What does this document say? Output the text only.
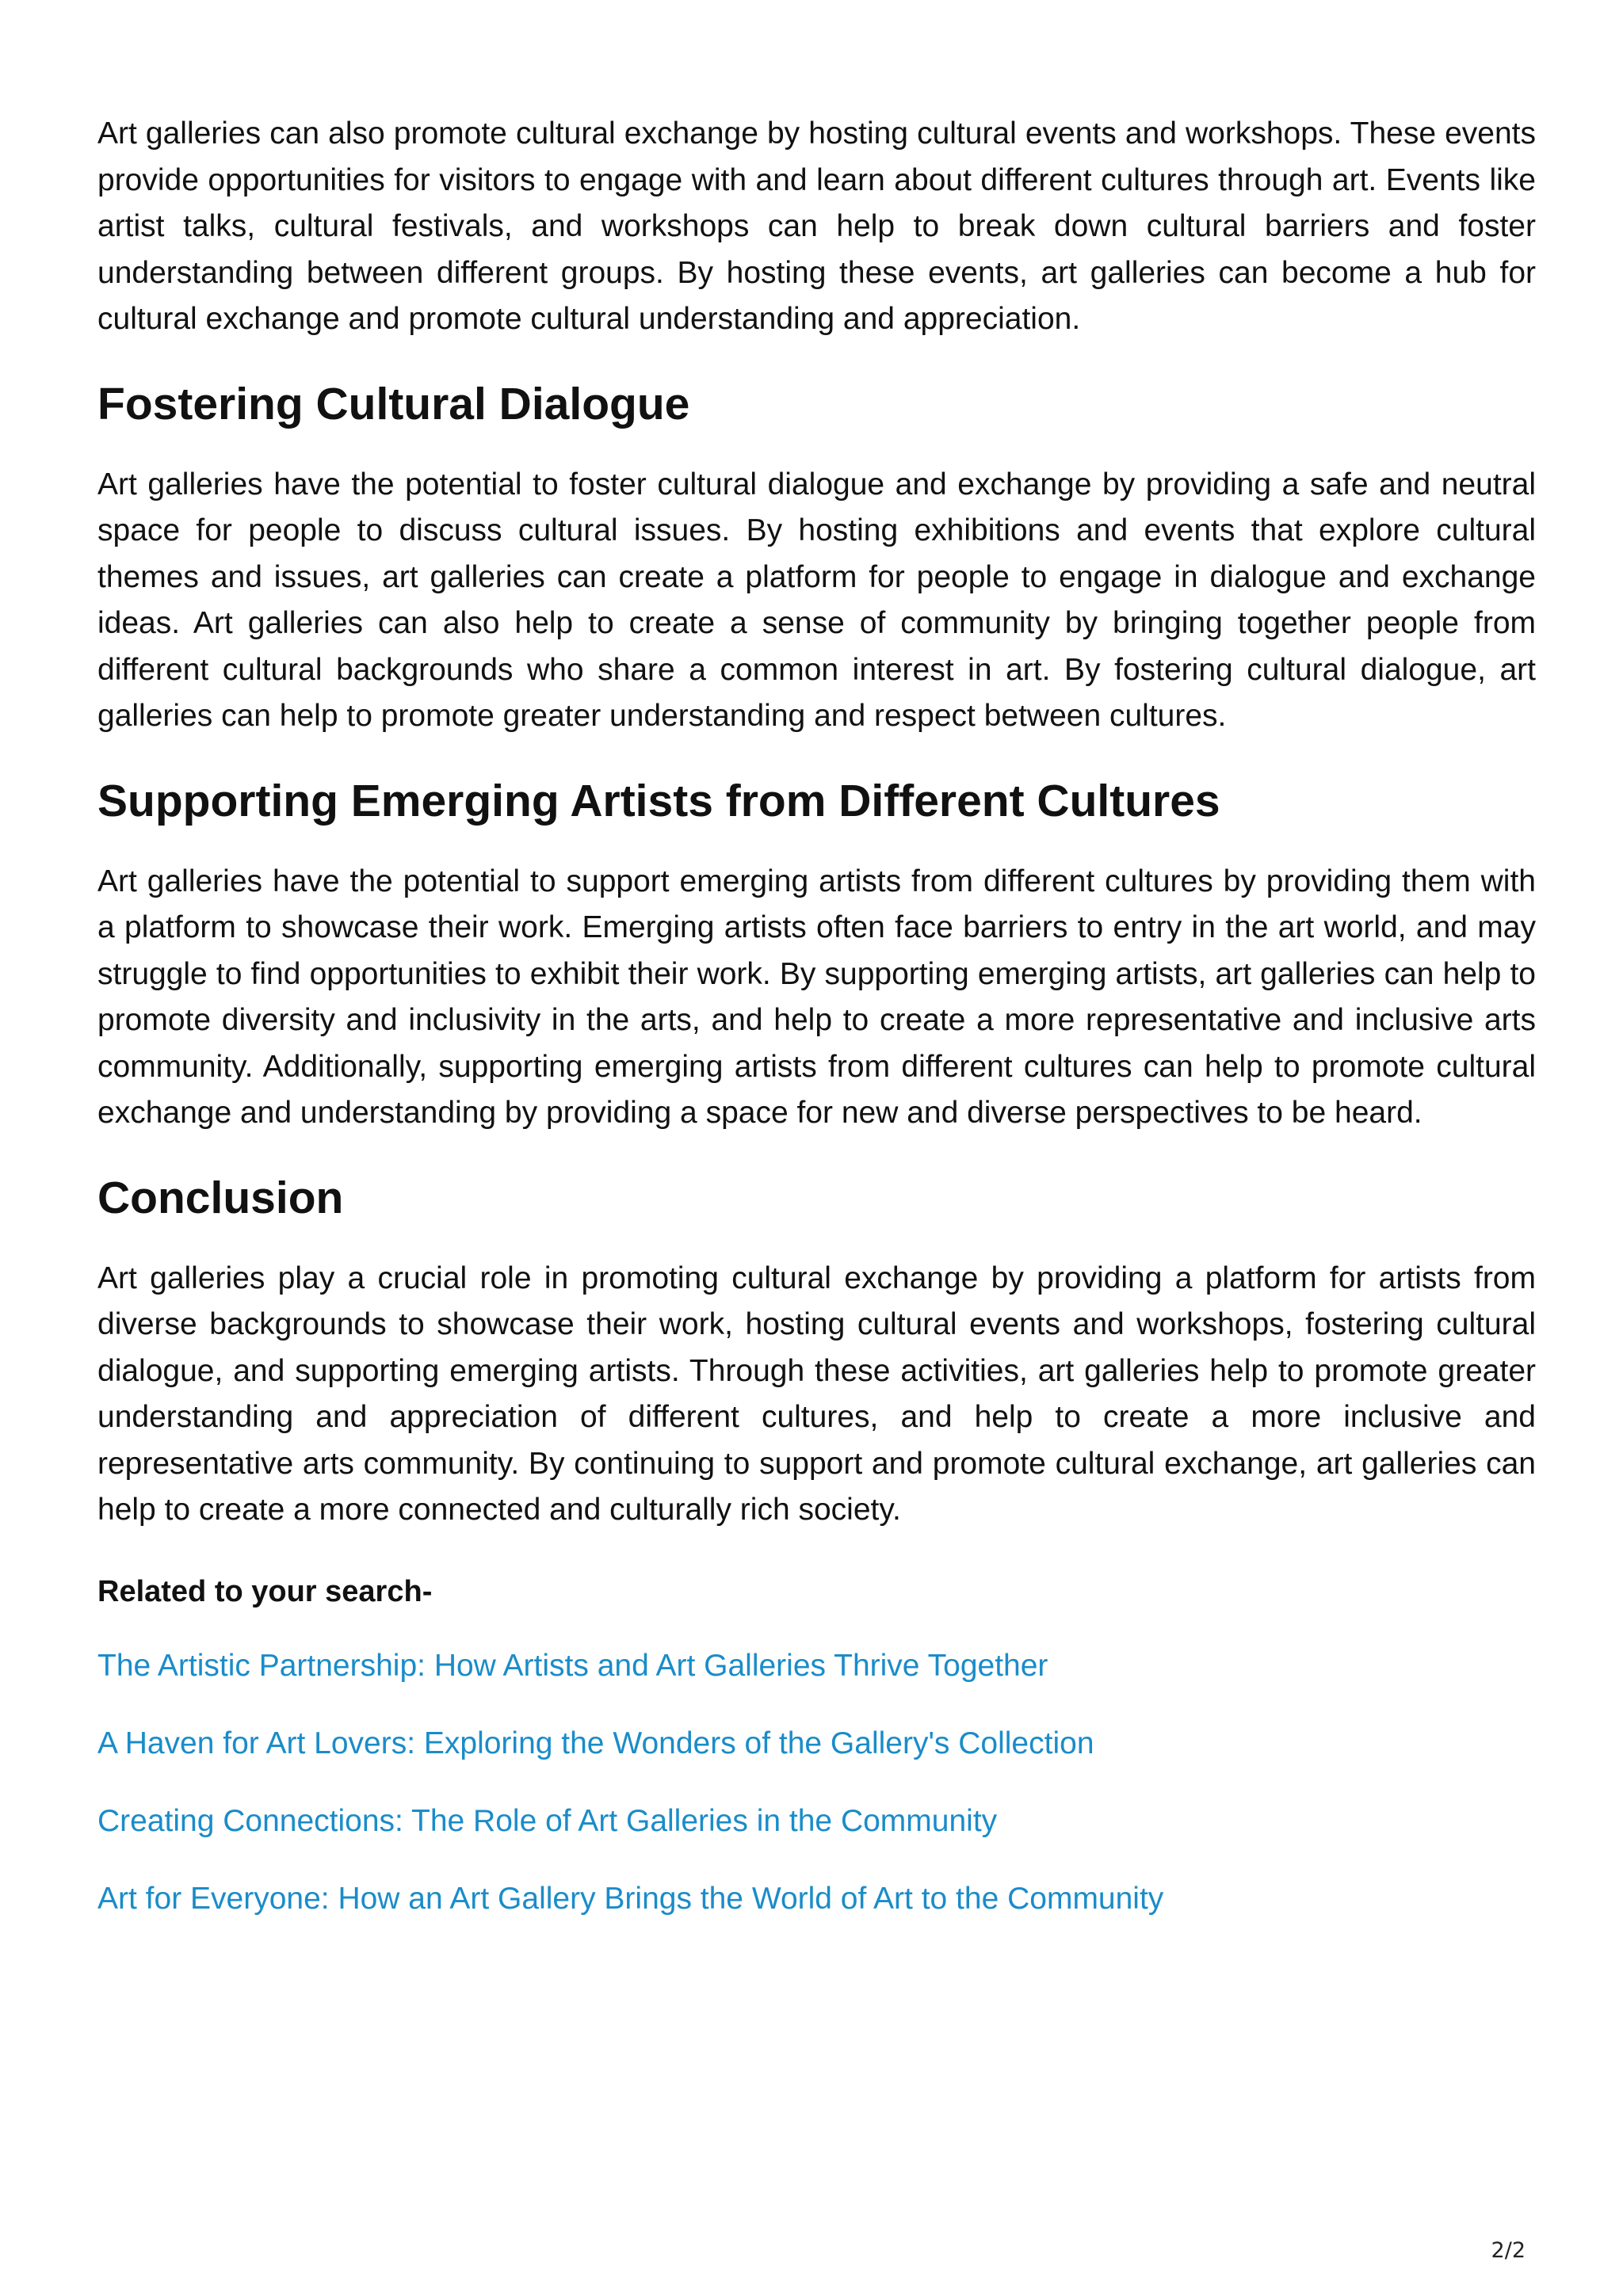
Art galleries can also promote cultural exchange by hosting cultural events and workshops. These events provide opportunities for visitors to engage with and learn about different cultures through art. Events like artist talks, cultural festivals, and workshops can help to break down cultural barriers and foster understanding between different groups. By hosting these events, art galleries can become a hub for cultural exchange and promote cultural understanding and appreciation.

Fostering Cultural Dialogue

Art galleries have the potential to foster cultural dialogue and exchange by providing a safe and neutral space for people to discuss cultural issues. By hosting exhibitions and events that explore cultural themes and issues, art galleries can create a platform for people to engage in dialogue and exchange ideas. Art galleries can also help to create a sense of community by bringing together people from different cultural backgrounds who share a common interest in art. By fostering cultural dialogue, art galleries can help to promote greater understanding and respect between cultures.

Supporting Emerging Artists from Different Cultures

Art galleries have the potential to support emerging artists from different cultures by providing them with a platform to showcase their work. Emerging artists often face barriers to entry in the art world, and may struggle to find opportunities to exhibit their work. By supporting emerging artists, art galleries can help to promote diversity and inclusivity in the arts, and help to create a more representative and inclusive arts community. Additionally, supporting emerging artists from different cultures can help to promote cultural exchange and understanding by providing a space for new and diverse perspectives to be heard.

Conclusion

Art galleries play a crucial role in promoting cultural exchange by providing a platform for artists from diverse backgrounds to showcase their work, hosting cultural events and workshops, fostering cultural dialogue, and supporting emerging artists. Through these activities, art galleries help to promote greater understanding and appreciation of different cultures, and help to create a more inclusive and representative arts community. By continuing to support and promote cultural exchange, art galleries can help to create a more connected and culturally rich society.

Related to your search-

The Artistic Partnership: How Artists and Art Galleries Thrive Together
A Haven for Art Lovers: Exploring the Wonders of the Gallery's Collection
Creating Connections: The Role of Art Galleries in the Community
Art for Everyone: How an Art Gallery Brings the World of Art to the Community
2/2
